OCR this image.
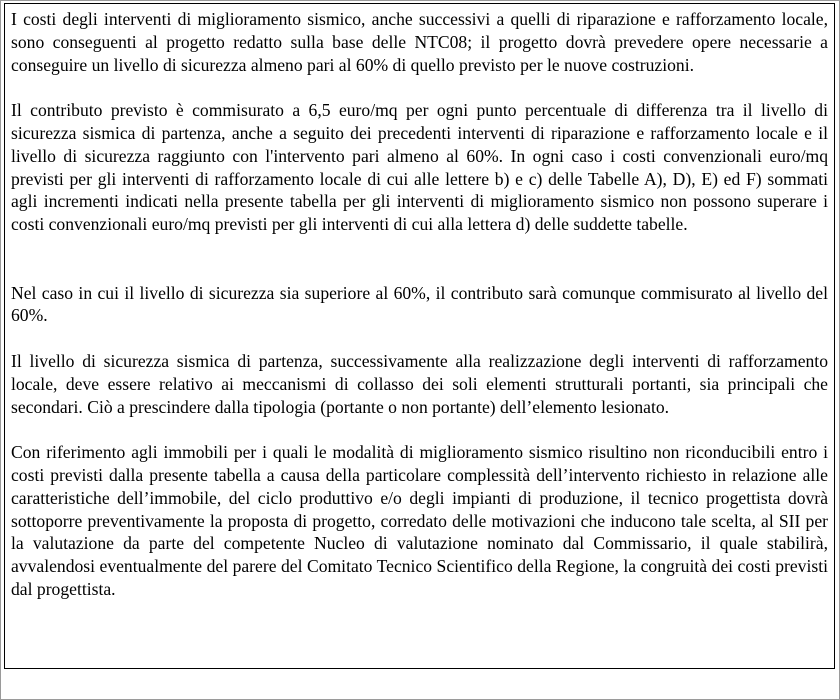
I costi degli interventi di miglioramento sismico, anche successivi a quelli di riparazione e rafforzamento locale, sono conseguenti al progetto redatto sulla base delle NTC08; il progetto dovrà prevedere opere necessarie a conseguire un livello di sicurezza almeno pari al 60% di quello previsto per le nuove costruzioni.

Il contributo previsto è commisurato a 6,5 euro/mq per ogni punto percentuale di differenza tra il livello di sicurezza sismica di partenza, anche a seguito dei precedenti interventi di riparazione e rafforzamento locale e il livello di sicurezza raggiunto con l'intervento pari almeno al 60%. In ogni caso i costi convenzionali euro/mq previsti per gli interventi di rafforzamento locale di cui alle lettere b) e c) delle Tabelle A), D), E) ed F) sommati agli incrementi indicati nella presente tabella per gli interventi di miglioramento sismico non possono superare i costi convenzionali euro/mq previsti per gli interventi di cui alla lettera d) delle suddette tabelle.

Nel caso in cui il livello di sicurezza sia superiore al 60%, il contributo sarà comunque commisurato al livello del 60%.

Il livello di sicurezza sismica di partenza, successivamente alla realizzazione degli interventi di rafforzamento locale, deve essere relativo ai meccanismi di collasso dei soli elementi strutturali portanti, sia principali che secondari. Ciò a prescindere dalla tipologia (portante o non portante) dell’elemento lesionato.

Con riferimento agli immobili per i quali le modalità di miglioramento sismico risultino non riconducibili entro i costi previsti dalla presente tabella a causa della particolare complessità dell’intervento richiesto in relazione alle caratteristiche dell’immobile, del ciclo produttivo e/o degli impianti di produzione, il tecnico progettista dovrà sottoporre preventivamente la proposta di progetto, corredato delle motivazioni che inducono tale scelta, al SII per la valutazione da parte del competente Nucleo di valutazione nominato dal Commissario, il quale stabilirà, avvalendosi eventualmente del parere del Comitato Tecnico Scientifico della Regione, la congruità dei costi previsti dal progettista.
